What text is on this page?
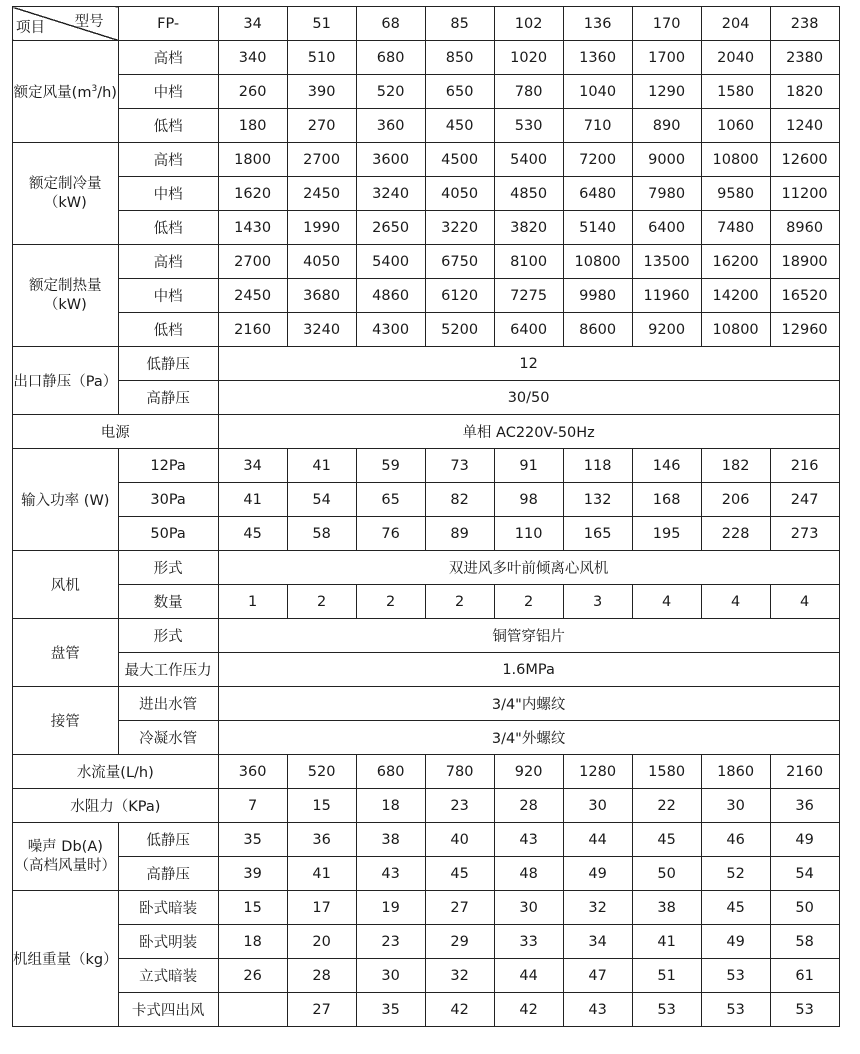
型号
项目	FP-	34	51	68	85	102	136	170	204	238
额定风量$(m^3/h)$	高档	340	510	680	850	1020	1360	1700	2040	2380
	中档	260	390	520	650	780	1040	1290	1580	1820
	低档	180	270	360	450	530	710	890	1060	1240
额定制冷量
（kW)	高档	1800	2700	3600	4500	5400	7200	9000	10800	12600
	中档	1620	2450	3240	4050	4850	6480	7980	9580	11200
	低档	1430	1990	2650	3220	3820	5140	6400	7480	8960
额定制热量
（kW)	高档	2700	4050	5400	6750	8100	10800	13500	16200	18900
	中档	2450	3680	4860	6120	7275	9980	11960	14200	16520
	低档	2160	3240	4300	5200	6400	8600	9200	10800	12960
出口静压（Pa）	低静压	12								
	高静压	30/50								
电源		单相 AC220V-50Hz								
输入功率 (W)	12Pa	34	41	59	73	91	118	146	182	216
	30Pa	41	54	65	82	98	132	168	206	247
	50Pa	45	58	76	89	110	165	195	228	273
风机	形式	双进风多叶前倾离心风机								
	数量	1	2	2	2	2	3	4	4	4
盘管	形式	铜管穿铝片								
	最大工作压力	1.6MPa								
接管	进出水管	3/4"内螺纹								
	冷凝水管	3/4"外螺纹								
水流量(L/h)		360	520	680	780	920	1280	1580	1860	2160
水阻力（KPa)		7	15	18	23	28	30	22	30	36
噪声 Db(A)
（高档风量时）	低静压	35	36	38	40	43	44	45	46	49
	高静压	39	41	43	45	48	49	50	52	54
机组重量（kg）	卧式暗装	15	17	19	27	30	32	38	45	50
	卧式明装	18	20	23	29	33	34	41	49	58
	立式暗装	26	28	30	32	44	47	51	53	61
	卡式四出风		27	35	42	42	43	53	53	53
